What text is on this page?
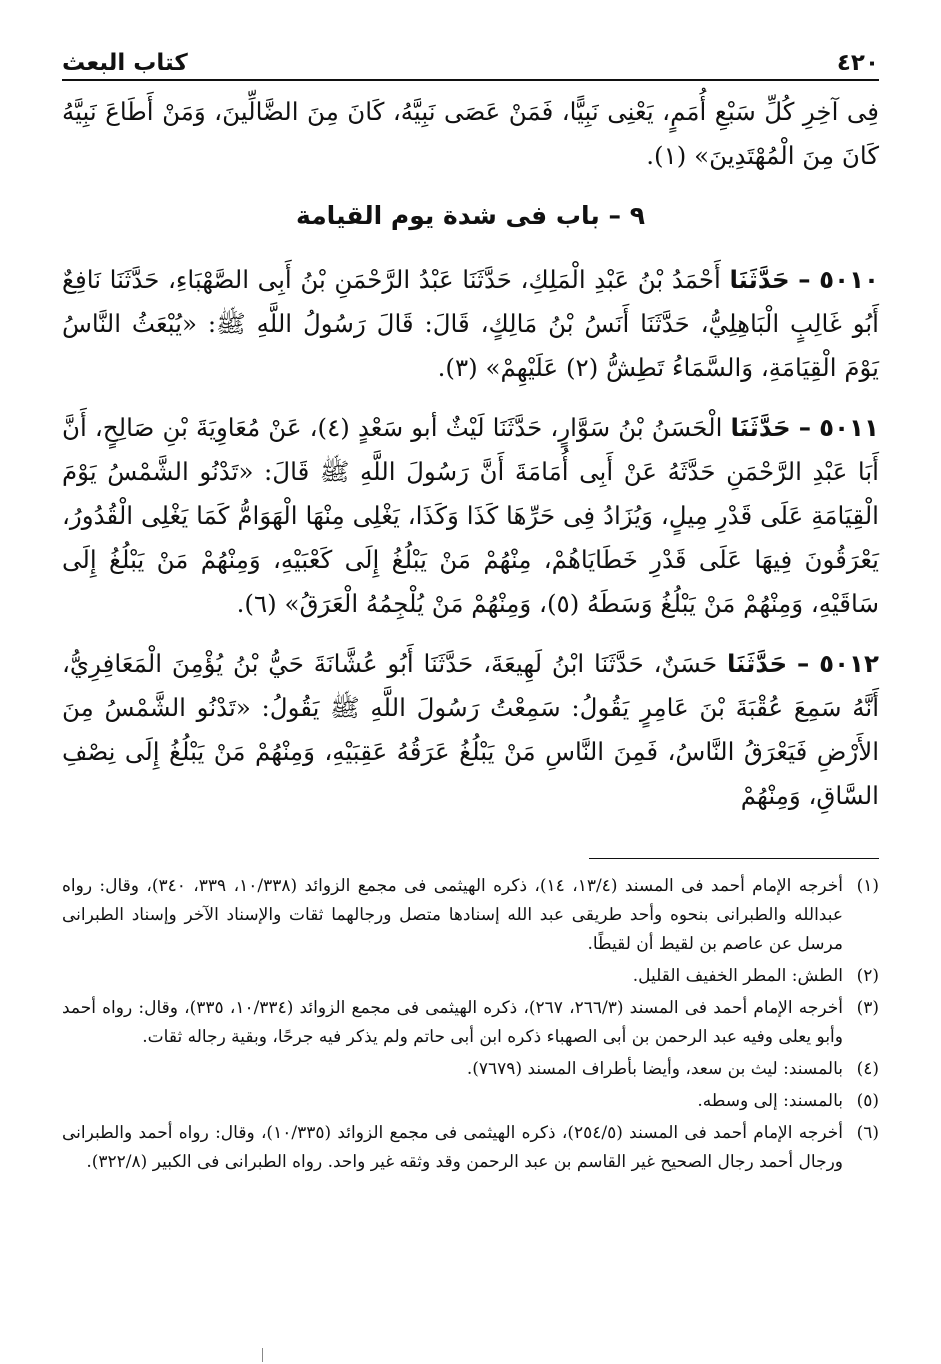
٤٢٠
كتاب البعث

فِى آخِرِ كُلِّ سَبْعِ أُمَمٍ، يَعْنِى نَبِيًّا، فَمَنْ عَصَى نَبِيَّهُ، كَانَ مِنَ الضَّالِّينَ، وَمَنْ أَطَاعَ نَبِيَّهُ كَانَ مِنَ الْمُهْتَدِينَ» (١).

٩ – باب فى شدة يوم القيامة

٥٠١٠ – حَدَّثَنَا أَحْمَدُ بْنُ عَبْدِ الْمَلِكِ، حَدَّثَنَا عَبْدُ الرَّحْمَنِ بْنُ أَبِى الصَّهْبَاءِ، حَدَّثَنَا نَافِعٌ أَبُو غَالِبٍ الْبَاهِلِيُّ، حَدَّثَنَا أَنَسُ بْنُ مَالِكٍ، قَالَ: قَالَ رَسُولُ اللَّهِ ﷺ: «يُبْعَثُ النَّاسُ يَوْمَ الْقِيَامَةِ، وَالسَّمَاءُ تَطِشُّ (٢) عَلَيْهِمْ» (٣).

٥٠١١ – حَدَّثَنَا الْحَسَنُ بْنُ سَوَّارٍ، حَدَّثَنَا لَيْثٌ أبو سَعْدٍ (٤)، عَنْ مُعَاوِيَةَ بْنِ صَالِحٍ، أَنَّ أَبَا عَبْدِ الرَّحْمَنِ حَدَّثَهُ عَنْ أَبِى أُمَامَةَ أَنَّ رَسُولَ اللَّهِ ﷺ قَالَ: «تَدْنُو الشَّمْسُ يَوْمَ الْقِيَامَةِ عَلَى قَدْرِ مِيلٍ، وَيُزَادُ فِى حَرِّهَا كَذَا وَكَذَا، يَغْلِى مِنْهَا الْهَوَامُّ كَمَا يَغْلِى الْقُدُورُ، يَعْرَقُونَ فِيهَا عَلَى قَدْرِ خَطَايَاهُمْ، مِنْهُمْ مَنْ يَبْلُغُ إِلَى كَعْبَيْهِ، وَمِنْهُمْ مَنْ يَبْلُغُ إِلَى سَاقَيْهِ، وَمِنْهُمْ مَنْ يَبْلُغُ وَسَطَهُ (٥)، وَمِنْهُمْ مَنْ يُلْجِمُهُ الْعَرَقُ» (٦).

٥٠١٢ – حَدَّثَنَا حَسَنٌ، حَدَّثَنَا ابْنُ لَهِيعَةَ، حَدَّثَنَا أَبُو عُشَّانَةَ حَيُّ بْنُ يُؤْمِنَ الْمَعَافِرِيُّ، أَنَّهُ سَمِعَ عُقْبَةَ بْنَ عَامِرٍ يَقُولُ: سَمِعْتُ رَسُولَ اللَّهِ ﷺ يَقُولُ: «تَدْنُو الشَّمْسُ مِنَ الأَرْضِ فَيَعْرَقُ النَّاسُ، فَمِنَ النَّاسِ مَنْ يَبْلُغُ عَرَقُهُ عَقِبَيْهِ، وَمِنْهُمْ مَنْ يَبْلُغُ إِلَى نِصْفِ السَّاقِ، وَمِنْهُمْ

(١)أخرجه الإمام أحمد فى المسند (١٣/٤، ١٤)، ذكره الهيثمى فى مجمع الزوائد (١٠/٣٣٨، ٣٣٩، ٣٤٠)، وقال: رواه عبدالله والطبرانى بنحوه وأحد طريقى عبد الله إسنادها متصل ورجالهما ثقات والإسناد الآخر وإسناد الطبرانى مرسل عن عاصم بن لقيط أن لقيطًا.

(٢)الطش: المطر الخفيف القليل.

(٣)أخرجه الإمام أحمد فى المسند (٢٦٦/٣، ٢٦٧)، ذكره الهيثمى فى مجمع الزوائد (١٠/٣٣٤، ٣٣٥)، وقال: رواه أحمد وأبو يعلى وفيه عبد الرحمن بن أبى الصهباء ذكره ابن أبى حاتم ولم يذكر فيه جرحًا، وبقية رجاله ثقات.

(٤)بالمسند: ليث بن سعد، وأيضا بأطراف المسند (٧٦٧٩).

(٥)بالمسند: إلى وسطه.

(٦)أخرجه الإمام أحمد فى المسند (٢٥٤/٥)، ذكره الهيثمى فى مجمع الزوائد (١٠/٣٣٥)، وقال: رواه أحمد والطبرانى ورجال أحمد رجال الصحيح غير القاسم بن عبد الرحمن وقد وثقه غير واحد. رواه الطبرانى فى الكبير (٣٢٢/٨).
